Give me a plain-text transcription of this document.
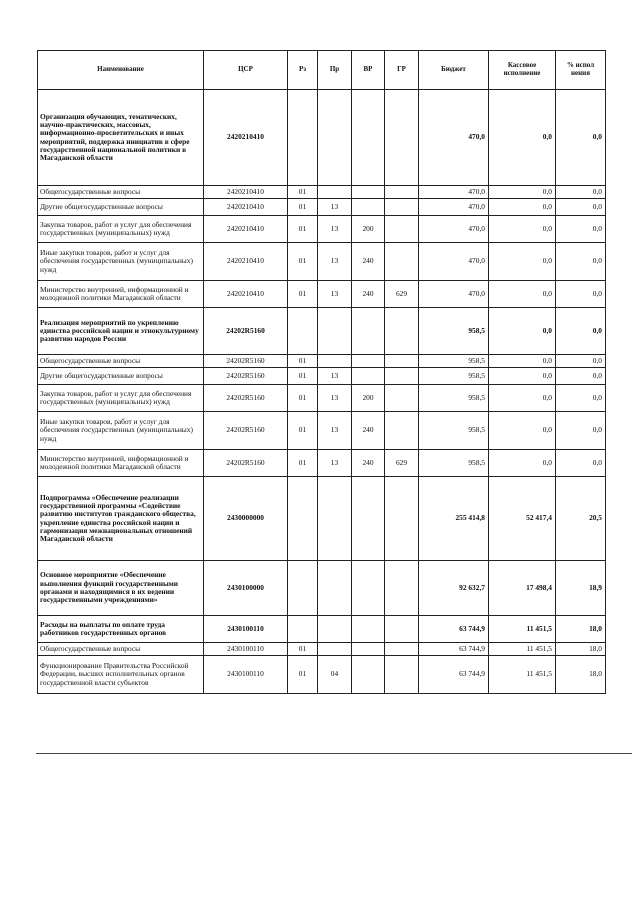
Наименование	ЦСР	Рз	Пр	ВР	ГР	Бюджет	Кассовое исполнение	% испол нения
Организация обучающих, тематических, научно-практических, массовых, информационно-просветительских и иных мероприятий, поддержка инициатив в сфере государственной национальной политики в Магаданской области	2420210410					470,0	0,0	0,0
Общегосударственные вопросы	2420210410	01				470,0	0,0	0,0
Другие общегосударственные вопросы	2420210410	01	13			470,0	0,0	0,0
Закупка товаров, работ и услуг для обеспечения государственных (муниципальных) нужд	2420210410	01	13	200		470,0	0,0	0,0
Иные закупки товаров, работ и услуг для обеспечения государственных (муниципальных) нужд	2420210410	01	13	240		470,0	0,0	0,0
Министерство внутренней, информационной и молодежной политики Магаданской области	2420210410	01	13	240	629	470,0	0,0	0,0
Реализация мероприятий по укреплению единства российской нации и этнокультурному развитию народов России	24202R5160					958,5	0,0	0,0
Общегосударственные вопросы	24202R5160	01				958,5	0,0	0,0
Другие общегосударственные вопросы	24202R5160	01	13			958,5	0,0	0,0
Закупка товаров, работ и услуг для обеспечения государственных (муниципальных) нужд	24202R5160	01	13	200		958,5	0,0	0,0
Иные закупки товаров, работ и услуг для обеспечения государственных (муниципальных) нужд	24202R5160	01	13	240		958,5	0,0	0,0
Министерство внутренней, информационной и молодежной политики Магаданской области	24202R5160	01	13	240	629	958,5	0,0	0,0
Подпрограмма «Обеспечение реализации государственной программы «Содействие развитию институтов гражданского общества, укрепление единства российской нации и гармонизация межнациональных отношений Магаданской области	2430000000					255 414,8	52 417,4	20,5
Основное мероприятие «Обеспечение выполнения функций государственными органами и находящимися в их ведении государственными учреждениями»	2430100000					92 632,7	17 498,4	18,9
Расходы на выплаты по оплате труда работников государственных органов	2430100110					63 744,9	11 451,5	18,0
Общегосударственные вопросы	2430100110	01				63 744,9	11 451,5	18,0
Функционирование Правительства Российской Федерации, высших исполнительных органов государственной власти субъектов	2430100110	01	04			63 744,9	11 451,5	18,0
